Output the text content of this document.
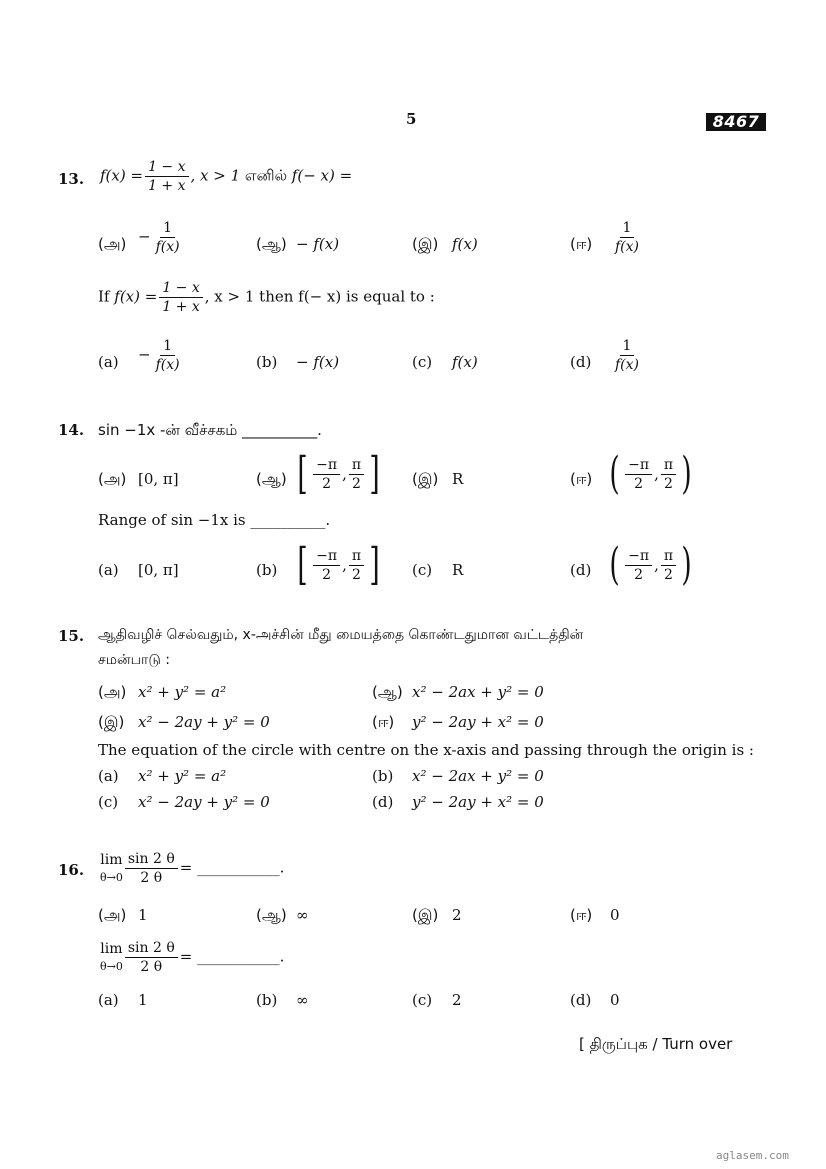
5	8467
13. $f(x) = \frac{1 - x}{1 + x}$ , x > 1 எனில் f(− x) =
(அ) − $\frac{1}{f(x)}$	(ஆ) − f(x)	(இ) f(x)	(ஈ) $\frac{1}{f(x)}$
If $f(x) = \frac{1 - x}{1 + x}$ , x > 1 then f(− x) is equal to :
$(a) - \frac{1}{f(x)}$	(b) − f(x)	(c) f(x)	$(d) \frac{1}{f(x)}$
14. sin −1x -ன் வீச்சகம் __________.
(அ) [0, π]	(ஆ) [ $\frac{-\pi}{2}$ , $\frac{\pi}{2}$ ] (இ) R	(ஈ) ( $\frac{-\pi}{2}$ , $\frac{\pi}{2}$ )
Range of sin −1x is __________.
(a) [0, π]	(b) [ $\frac{-\pi}{2}$ , $\frac{\pi}{2}$ ] (c) R	(d) ( $\frac{-\pi}{2}$ , $\frac{\pi}{2}$ )
15. ஆதிவழிச் செல்வதும், x-அச்சின் மீது மையத்தை கொண்டதுமான வட்டத்தின்
சமன்பாடு :
(அ) x² + y² = a²	(ஆ) x² − 2ax + y² = 0
(இ) x² − 2ay + y² = 0	(ஈ) y² − 2ay + x² = 0
The equation of the circle with centre on the x-axis and passing through the origin is :
(a) x² + y² = a²	(b) x² − 2ax + y² = 0
(c) x² − 2ay + y² = 0	(d) y² − 2ay + x² = 0
16.
lim
$\theta\to 0 \frac{\sin 2 \theta}{2 \theta}$ = ___________.
(அ) 1	(ஆ) ∞	(இ) 2	(ஈ) 0
lim
$\theta\to 0 \frac{\sin 2 \theta}{2 \theta}$ = ___________.
(a) 1	(b) ∞	(c) 2	(d) 0
[ திருப்புக / Turn over
aglasem.com
